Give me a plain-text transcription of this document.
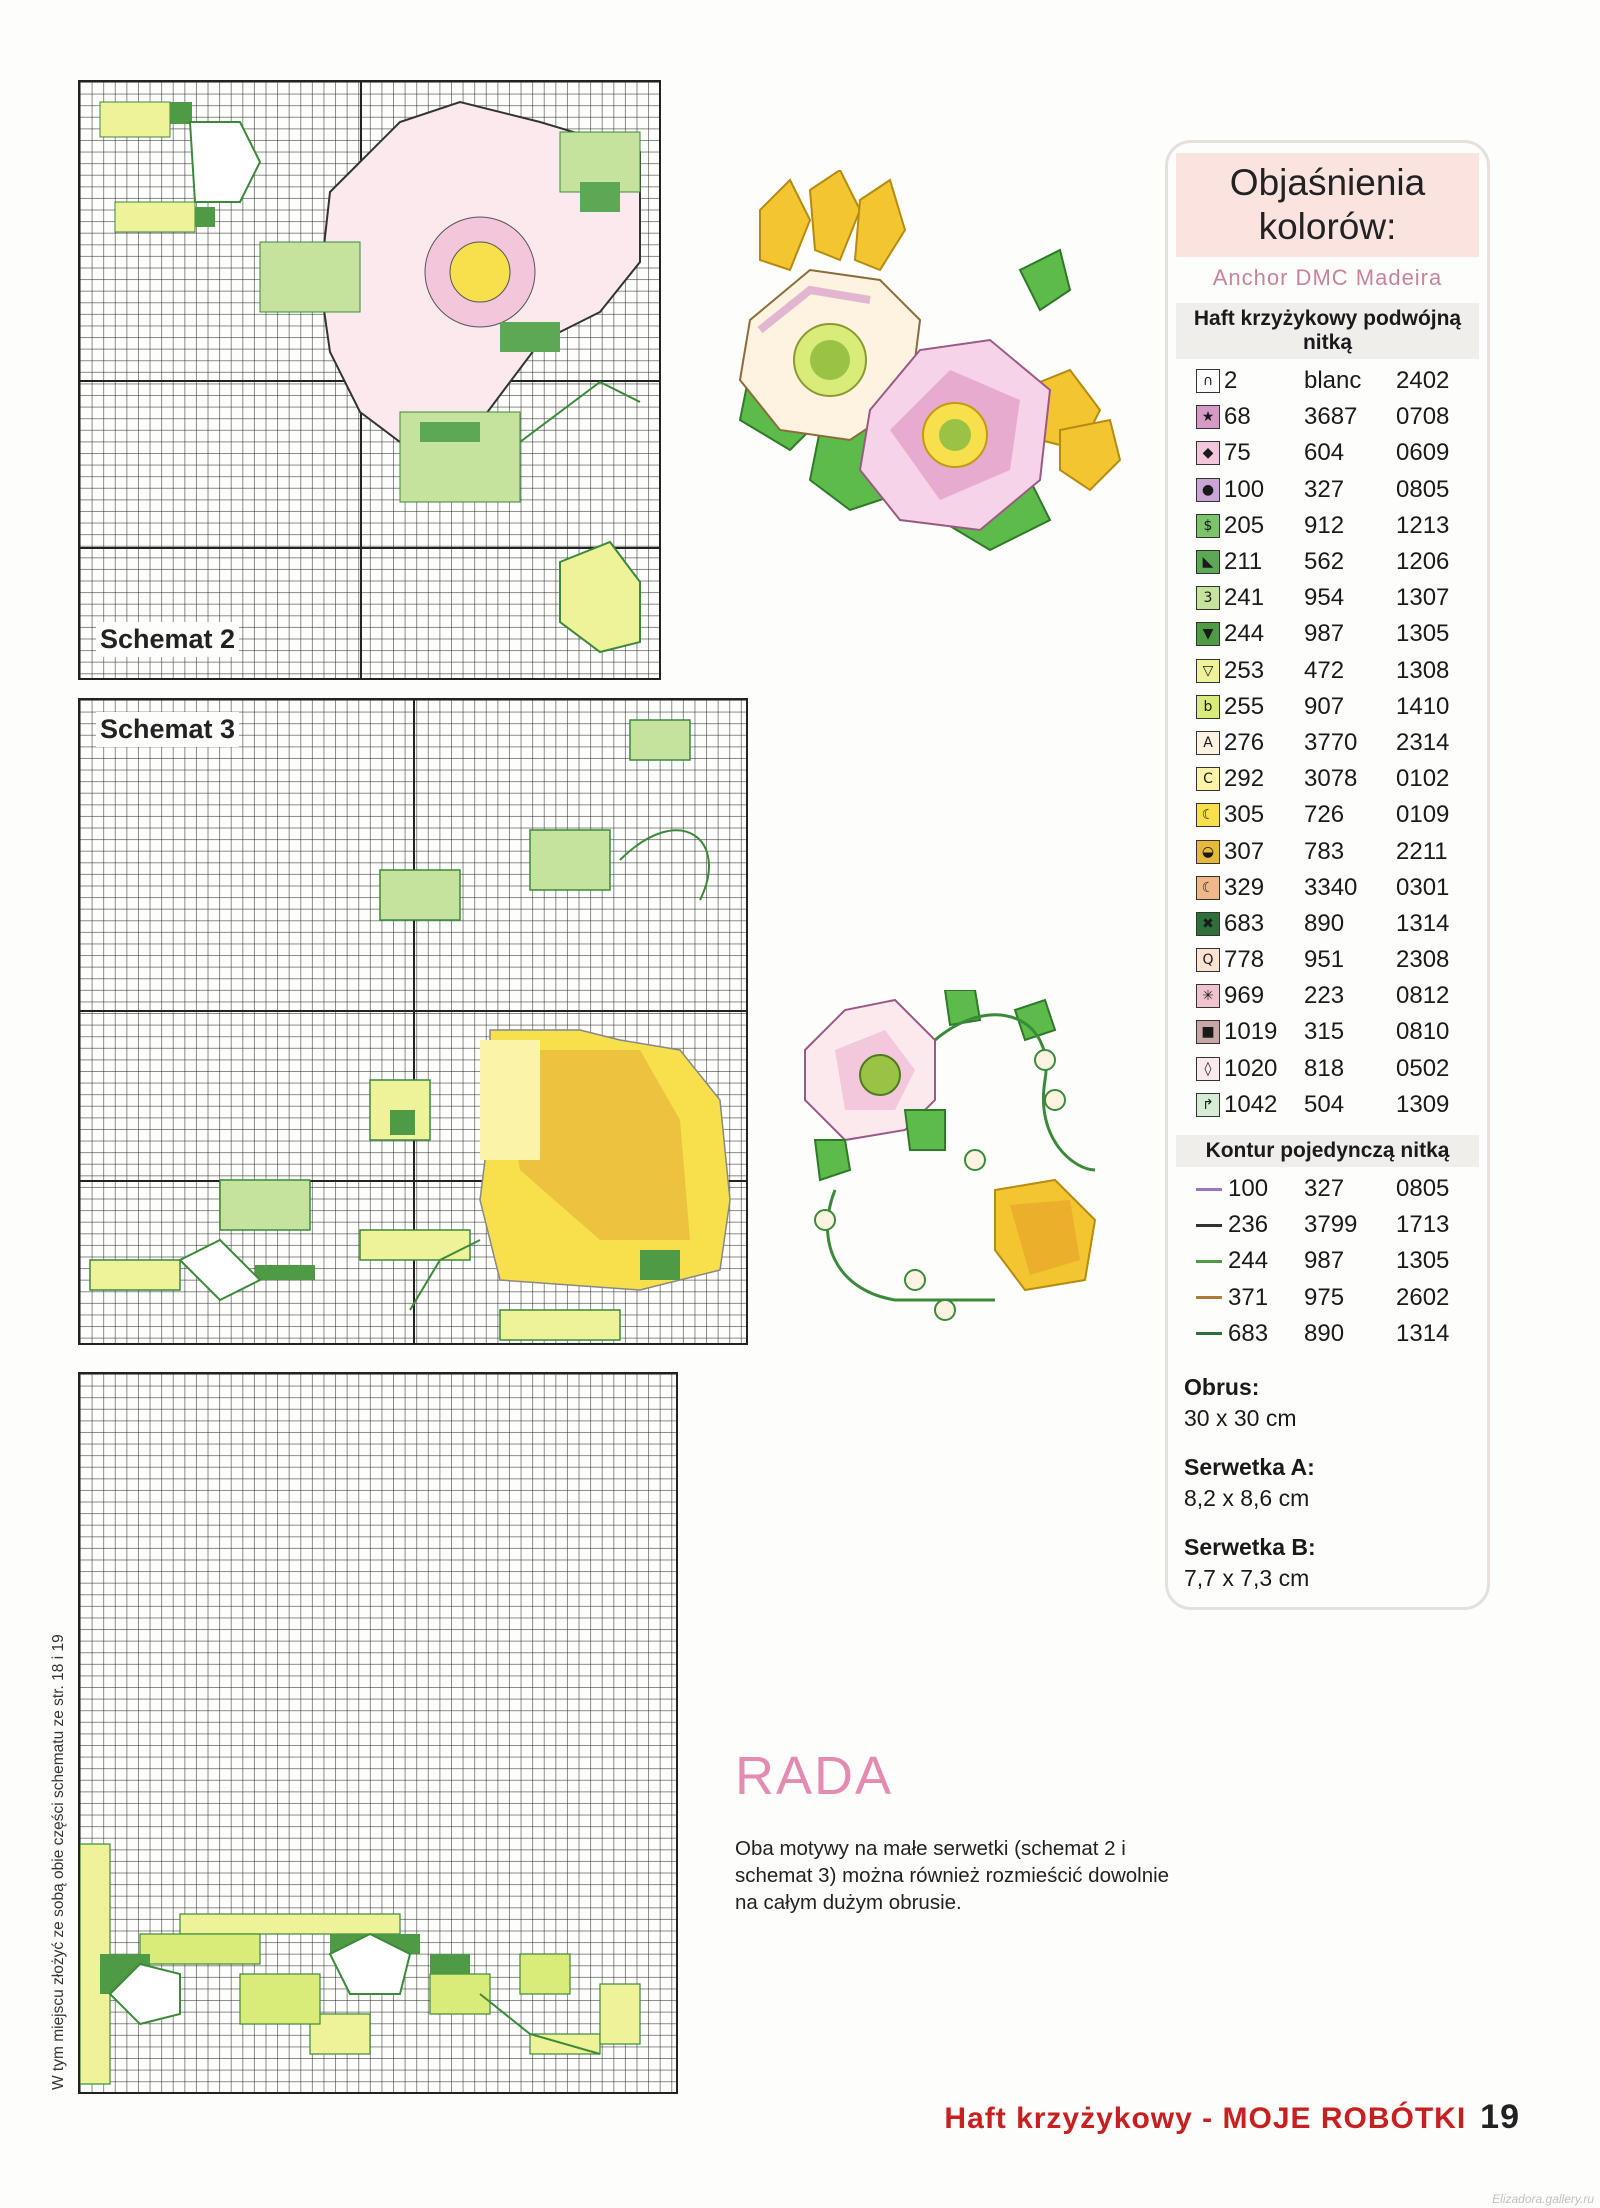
Schemat 2
Schemat 3
W tym miejscu złożyć ze sobą obie części schematu ze str. 18 i 19
Objaśnienia
kolorów:
Anchor DMC Madeira
Haft krzyżykowy podwójną nitką
∩ 2	blanc	2402
★ 68	3687	0708
◆ 75	604	0609
● 100	327	0805
$ 205	912	1213
◣ 211	562	1206
3 241	954	1307
▼ 244	987	1305
▽ 253	472	1308
b 255	907	1410
A 276	3770	2314
C 292	3078	0102
☾ 305	726	0109
◒ 307	783	2211
☾ 329	3340	0301
✖ 683	890	1314
Q 778	951	2308
✳ 969	223	0812
■ 1019	315	0810
◊ 1020	818	0502
↱ 1042	504	1309
Kontur pojedynczą nitką
100	327	0805
236	3799	1713
244	987	1305
371	975	2602
683	890	1314
Obrus:
30 x 30 cm
Serwetka A:
8,2 x 8,6 cm
Serwetka B:
7,7 x 7,3 cm
RADA
Oba motywy na małe serwetki (schemat 2 i schemat 3) można również rozmieścić dowolnie na całym dużym obrusie.
Haft krzyżykowy - MOJE ROBÓTKI 19
Elizadora.gallery.ru
